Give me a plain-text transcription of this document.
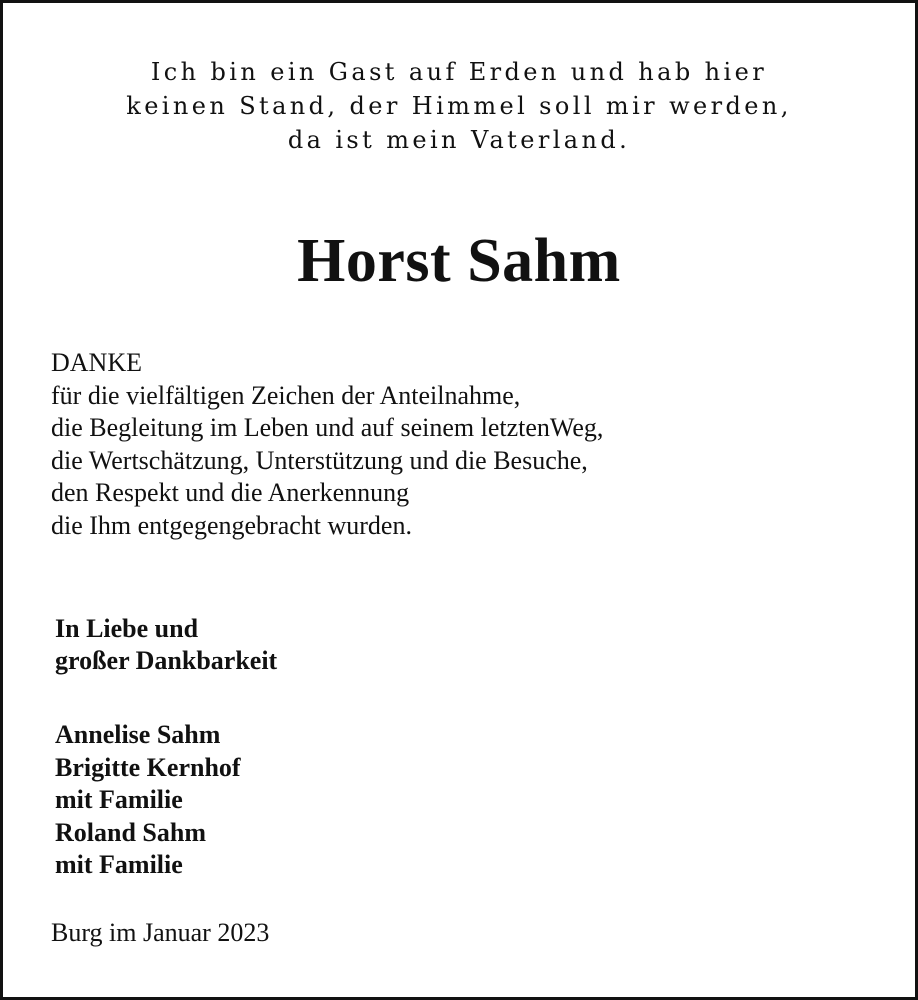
Ich bin ein Gast auf Erden und hab hier
keinen Stand, der Himmel soll mir werden,
da ist mein Vaterland.
Horst Sahm
DANKE
für die vielfältigen Zeichen der Anteilnahme,
die Begleitung im Leben und auf seinem letztenWeg,
die Wertschätzung, Unterstützung und die Besuche,
den Respekt und die Anerkennung
die Ihm entgegengebracht wurden.
In Liebe und
großer Dankbarkeit
Annelise Sahm
Brigitte Kernhof
mit Familie
Roland Sahm
mit Familie
Burg im Januar 2023
